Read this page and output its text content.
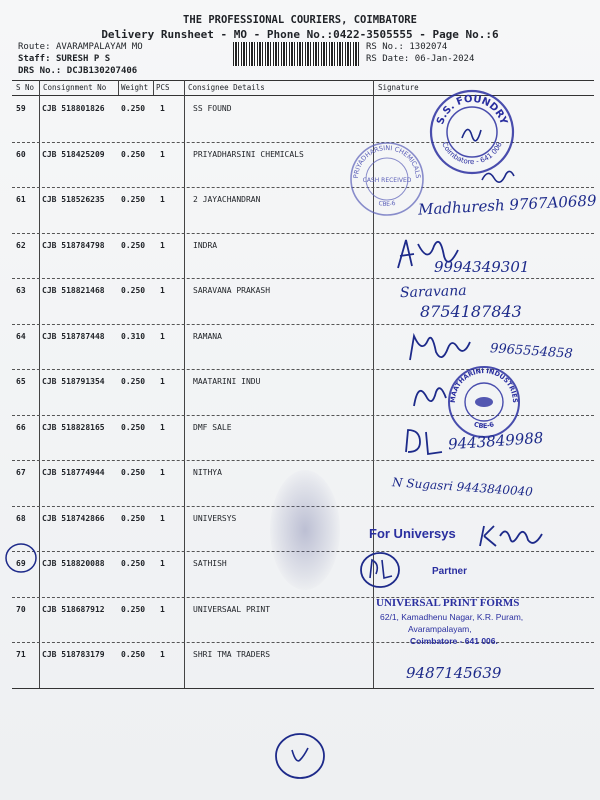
THE PROFESSIONAL COURIERS, COIMBATORE
Delivery Runsheet - MO - Phone No.:0422-3505555 - Page No.:6
Route: AVARAMPALAYAM MO
Staff: SURESH P S
DRS No.: DCJB130207406
RS No.: 1302074
RS Date: 06-Jan-2024
S No Consignment No Weight PCS Consignee Details	Signature
59 CJB 518801826 0.250 1	SS FOUND
60 CJB 518425209 0.250 1	PRIYADHARSINI CHEMICALS
61 CJB 518526235 0.250 1	2 JAYACHANDRAN
62 CJB 518784798 0.250 1	INDRA
63 CJB 518821468 0.250 1	SARAVANA PRAKASH
64 CJB 518787448 0.310 1	RAMANA
65 CJB 518791354 0.250 1	MAATARINI INDU
66 CJB 518828165 0.250 1	DMF SALE
67 CJB 518774944 0.250 1	NITHYA
68 CJB 518742866 0.250 1	UNIVERSYS
69 CJB 518820088 0.250 1	SATHISH
70 CJB 518687912 0.250 1	UNIVERSAAL PRINT
71 CJB 518783179 0.250 1	SHRI TMA TRADERS
S.S. FOUNDRY
Coimbatore - 641 006
PRIYADHARSINI CHEMICALS
CBE-6
CASH RECEIVED
MAATHARINI INDUSTRIES
CBE-6
Madhuresh 9767A0689
9994349301
Saravana
8754187843
9965554858
9443849988
N Sugasri 9443840040
For Universys
Partner
UNIVERSAL PRINT FORMS
62/1, Kamadhenu Nagar, K.R. Puram,
Avarampalayam,
Coimbatore - 641 006.
9487145639
